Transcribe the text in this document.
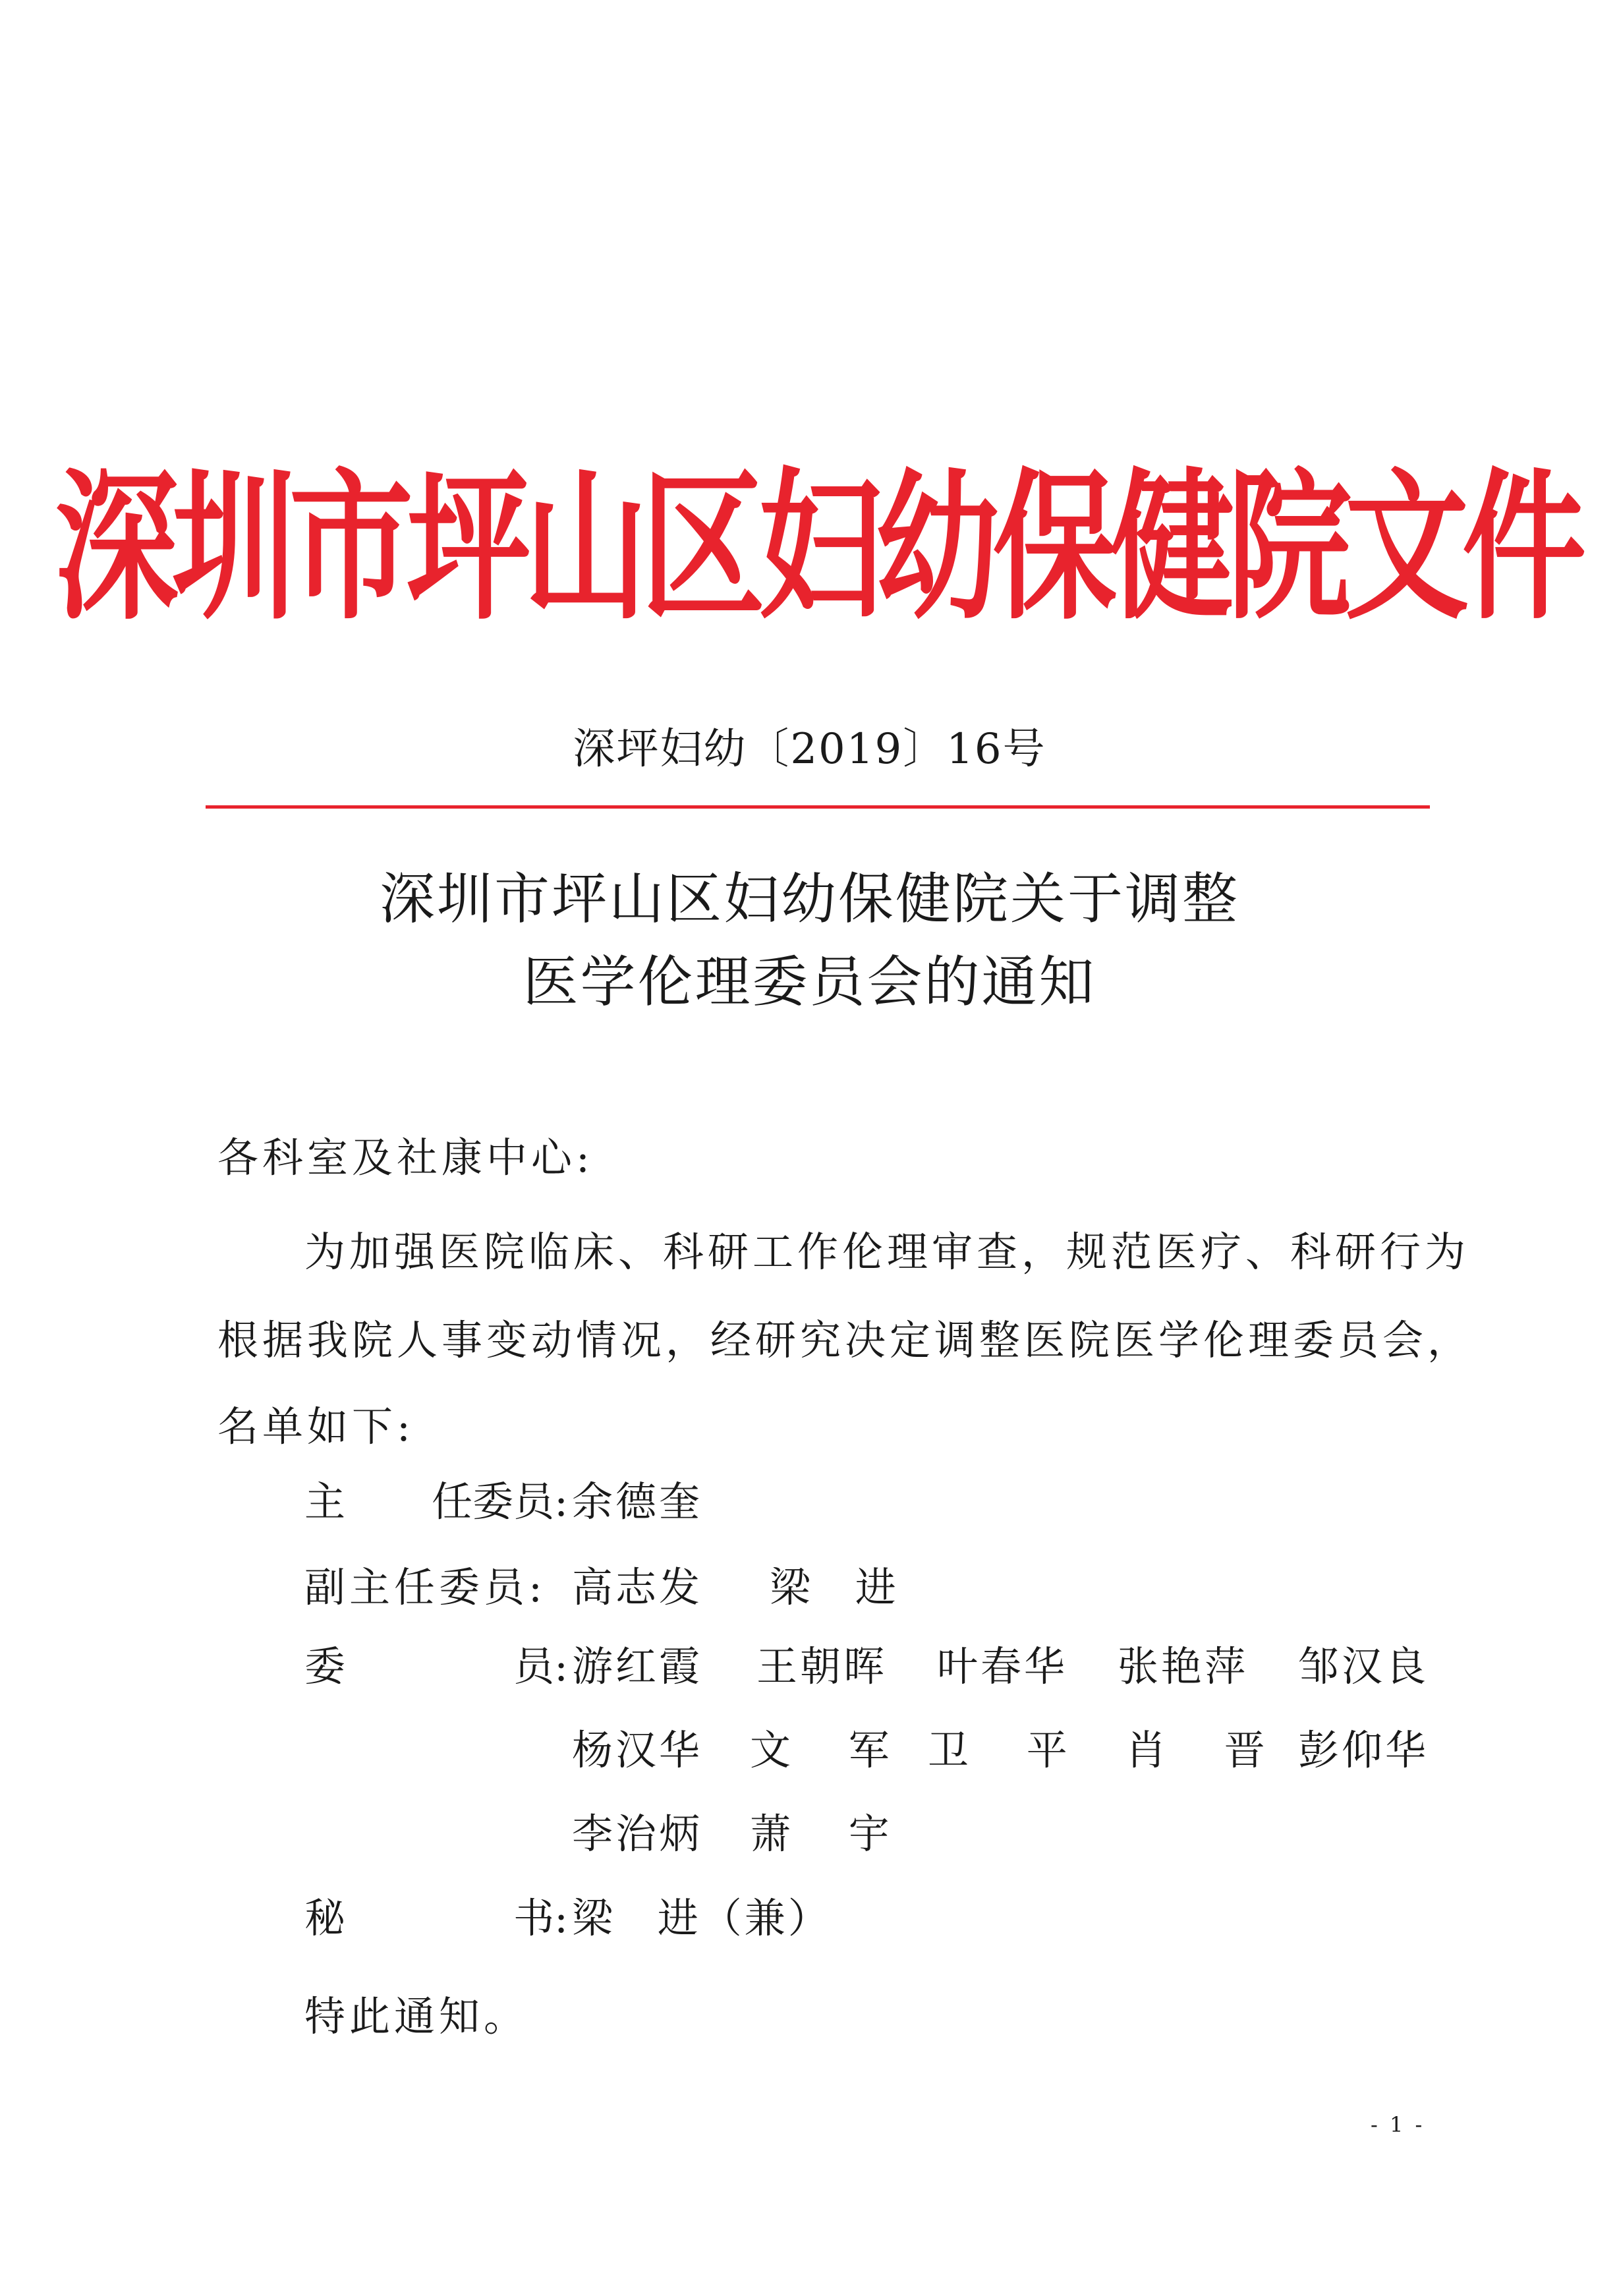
深圳市坪山区妇幼保健院文件
深坪妇幼〔2019〕16号
深圳市坪山区妇幼保健院关于调整
医学伦理委员会的通知
各科室及社康中心:
为加强医院临床、科研工作伦理审查，规范医疗、科研行为
根据我院人事变动情况，经研究决定调整医院医学伦理委员会，
名单如下:
主 任委员: 余德奎
副主任委员: 高志发 梁 进
委	员: 游红霞 王朝晖 叶春华 张艳萍 邹汉良
杨汉华 文 军 卫 平 肖 晋 彭仰华
李治炳 萧 宇
秘	书: 梁 进（兼）
特此通知。
- 1 -
